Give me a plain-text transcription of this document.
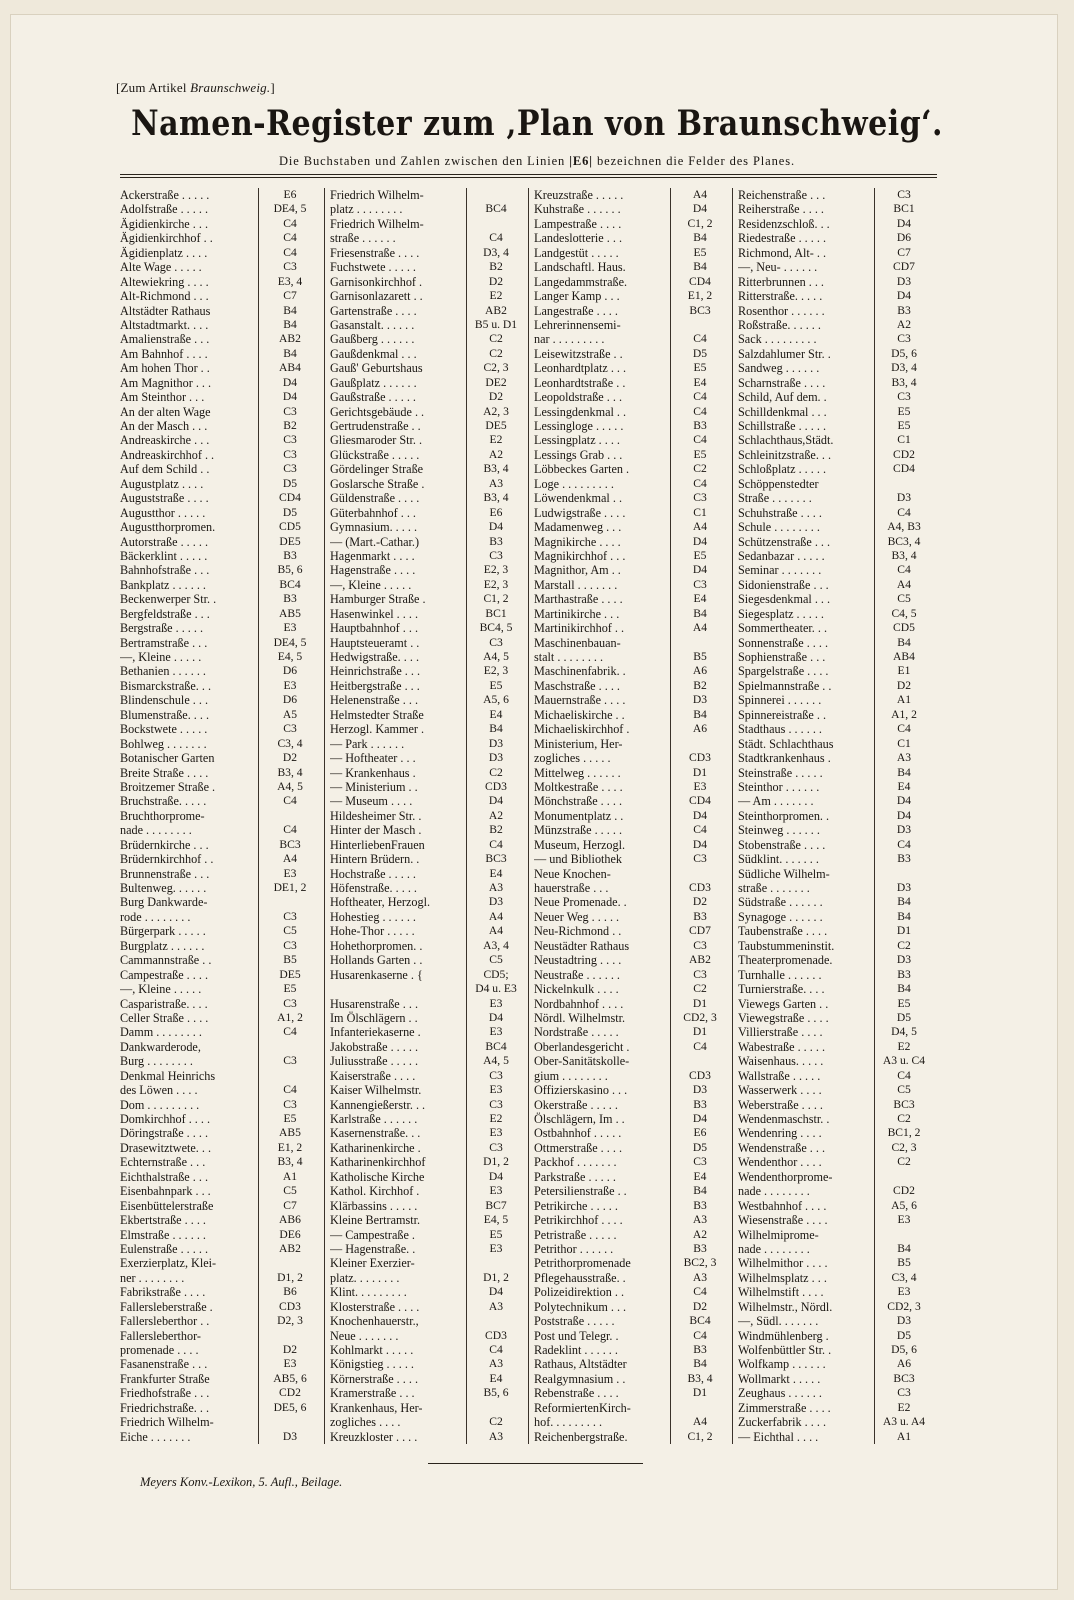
[Zum Artikel Braunschweig.]
Namen-Register zum ‚Plan von Braunschweig‘.
Die Buchstaben und Zahlen zwischen den Linien |E6| bezeichnen die Felder des Planes.
Ackerstraße . . . . .	E6
Adolfstraße . . . . .	DE4, 5
Ägidienkirche . . .	C4
Ägidienkirchhof . .	C4
Ägidienplatz . . . .	C4
Alte Wage . . . . .	C3
Altewiekring . . . .	E3, 4
Alt-Richmond . . .	C7
Altstädter Rathaus	B4
Altstadtmarkt. . . .	B4
Amalienstraße . . .	AB2
Am Bahnhof . . . .	B4
Am hohen Thor . .	AB4
Am Magnithor . . .	D4
Am Steinthor . . .	D4
An der alten Wage	C3
An der Masch . . .	B2
Andreaskirche . . .	C3
Andreaskirchhof . .	C3
Auf dem Schild . .	C3
Augustplatz . . . .	D5
Auguststraße . . . .	CD4
Augustthor . . . . .	D5
Augustthorpromen.	CD5
Autorstraße . . . . .	DE5
Bäckerklint . . . . .	B3
Bahnhofstraße . . .	B5, 6
Bankplatz . . . . . .	BC4
Beckenwerper Str. .	B3
Bergfeldstraße . . .	AB5
Bergstraße . . . . .	E3
Bertramstraße . . .	DE4, 5
—, Kleine . . . . .	E4, 5
Bethanien . . . . . .	D6
Bismarckstraße. . .	E3
Blindenschule . . .	D6
Blumenstraße. . . .	A5
Bockstwete . . . . .	C3
Bohlweg . . . . . . .	C3, 4
Botanischer Garten	D2
Breite Straße . . . .	B3, 4
Broitzemer Straße .	A4, 5
Bruchstraße. . . . .	C4
Bruchthorprome-
nade . . . . . . . .	C4
Brüdernkirche . . .	BC3
Brüdernkirchhof . .	A4
Brunnenstraße . . .	E3
Bultenweg. . . . . .	DE1, 2
Burg Dankwarde-
rode . . . . . . . .	C3
Bürgerpark . . . . .	C5
Burgplatz . . . . . .	C3
Cammannstraße . .	B5
Campestraße . . . .	DE5
—, Kleine . . . . .	E5
Casparistraße. . . .	C3
Celler Straße . . . .	A1, 2
Damm . . . . . . . .	C4
Dankwarderode,
Burg . . . . . . . .	C3
Denkmal Heinrichs
des Löwen . . . .	C4
Dom . . . . . . . . .	C3
Domkirchhof . . . .	E5
Döringstraße . . . .	AB5
Drasewitztwete. . .	E1, 2
Echternstraße . . .	B3, 4
Eichthalstraße . . .	A1
Eisenbahnpark . . .	C5
Eisenbüttelerstraße	C7
Ekbertstraße . . . .	AB6
Elmstraße . . . . . .	DE6
Eulenstraße . . . . .	AB2
Exerzierplatz, Klei-
ner . . . . . . . .	D1, 2
Fabrikstraße . . . .	B6
Fallersleberstraße .	CD3
Fallersleberthor . .	D2, 3
Fallersleberthor-
promenade . . . .	D2
Fasanenstraße . . .	E3
Frankfurter Straße	AB5, 6
Friedhofstraße . . .	CD2
Friedrichstraße. . .	DE5, 6
Friedrich Wilhelm-
Eiche . . . . . . .	D3
Friedrich Wilhelm-
platz . . . . . . . .	BC4
Friedrich Wilhelm-
straße . . . . . .	C4
Friesenstraße . . . .	D3, 4
Fuchstwete . . . . .	B2
Garnisonkirchhof .	D2
Garnisonlazarett . .	E2
Gartenstraße . . . .	AB2
Gasanstalt. . . . . .	B5 u. D1
Gaußberg . . . . . .	C2
Gaußdenkmal . . .	C2
Gauß' Geburtshaus	C2, 3
Gaußplatz . . . . . .	DE2
Gaußstraße . . . . .	D2
Gerichtsgebäude . .	A2, 3
Gertrudenstraße . .	DE5
Gliesmaroder Str. .	E2
Glückstraße . . . . .	A2
Gördelinger Straße	B3, 4
Goslarsche Straße .	A3
Güldenstraße . . . .	B3, 4
Güterbahnhof . . .	E6
Gymnasium. . . . .	D4
— (Mart.-Cathar.)	B3
Hagenmarkt . . . .	C3
Hagenstraße . . . .	E2, 3
—, Kleine . . . . .	E2, 3
Hamburger Straße .	C1, 2
Hasenwinkel . . . .	BC1
Hauptbahnhof . . .	BC4, 5
Hauptsteueramt . .	C3
Hedwigstraße. . . .	A4, 5
Heinrichstraße . . .	E2, 3
Heitbergstraße . . .	E5
Helenenstraße . . .	A5, 6
Helmstedter Straße	E4
Herzogl. Kammer .	B4
— Park . . . . . .	D3
— Hoftheater . . .	D3
— Krankenhaus .	C2
— Ministerium . .	CD3
— Museum . . . .	D4
Hildesheimer Str. .	A2
Hinter der Masch .	B2
HinterliebenFrauen	C4
Hintern Brüdern. .	BC3
Hochstraße . . . . .	E4
Höfenstraße. . . . .	A3
Hoftheater, Herzogl.	D3
Hohestieg . . . . . .	A4
Hohe-Thor . . . . .	A4
Hohethorpromen. .	A3, 4
Hollands Garten . .	C5
Husarenkaserne . {	CD5;
D4 u. E3
Husarenstraße . . .	E3
Im Ölschlägern . .	D4
Infanteriekaserne .	E3
Jakobstraße . . . . .	BC4
Juliusstraße . . . . .	A4, 5
Kaiserstraße . . . .	C3
Kaiser Wilhelmstr.	E3
Kannengießerstr. . .	C3
Karlstraße . . . . . .	E2
Kasernenstraße. . .	E3
Katharinenkirche .	C3
Katharinenkirchhof	D1, 2
Katholische Kirche	D4
Kathol. Kirchhof .	E3
Klärbassins . . . . .	BC7
Kleine Bertramstr.	E4, 5
— Campestraße .	E5
— Hagenstraße. .	E3
Kleiner Exerzier-
platz. . . . . . . .	D1, 2
Klint. . . . . . . . .	D4
Klosterstraße . . . .	A3
Knochenhauerstr.,
Neue . . . . . . .	CD3
Kohlmarkt . . . . .	C4
Königstieg . . . . .	A3
Körnerstraße . . . .	E4
Kramerstraße . . .	B5, 6
Krankenhaus, Her-
zogliches . . . .	C2
Kreuzkloster . . . .	A3
Kreuzstraße . . . . .	A4
Kuhstraße . . . . . .	D4
Lampestraße . . . .	C1, 2
Landeslotterie . . .	B4
Landgestüt . . . . .	E5
Landschaftl. Haus.	B4
Langedammstraße.	CD4
Langer Kamp . . .	E1, 2
Langestraße . . . .	BC3
Lehrerinnensemi-
nar . . . . . . . . .	C4
Leisewitzstraße . .	D5
Leonhardtplatz . . .	E5
Leonhardtstraße . .	E4
Leopoldstraße . . .	C4
Lessingdenkmal . .	C4
Lessingloge . . . . .	B3
Lessingplatz . . . .	C4
Lessings Grab . . .	E5
Löbbeckes Garten .	C2
Loge . . . . . . . . .	C4
Löwendenkmal . .	C3
Ludwigstraße . . . .	C1
Madamenweg . . .	A4
Magnikirche . . . .	D4
Magnikirchhof . . .	E5
Magnithor, Am . .	D4
Marstall . . . . . . .	C3
Marthastraße . . . .	E4
Martinikirche . . .	B4
Martinikirchhof . .	A4
Maschinenbauan-
stalt . . . . . . . .	B5
Maschinenfabrik. .	A6
Maschstraße . . . .	B2
Mauernstraße . . . .	D3
Michaeliskirche . .	B4
Michaeliskirchhof .	A6
Ministerium, Her-
zogliches . . . . .	CD3
Mittelweg . . . . . .	D1
Moltkestraße . . . .	E3
Mönchstraße . . . .	CD4
Monumentplatz . .	D4
Münzstraße . . . . .	C4
Museum, Herzogl.	D4
— und Bibliothek	C3
Neue Knochen-
hauerstraße . . .	CD3
Neue Promenade. .	D2
Neuer Weg . . . . .	B3
Neu-Richmond . .	CD7
Neustädter Rathaus	C3
Neustadtring . . . .	AB2
Neustraße . . . . . .	C3
Nickelnkulk . . . .	C2
Nordbahnhof . . . .	D1
Nördl. Wilhelmstr.	CD2, 3
Nordstraße . . . . .	D1
Oberlandesgericht .	C4
Ober-Sanitätskolle-
gium . . . . . . . .	CD3
Offizierskasino . . .	D3
Okerstraße . . . . .	B3
Ölschlägern, Im . .	D4
Ostbahnhof . . . . .	E6
Ottmerstraße . . . .	D5
Packhof . . . . . . .	C3
Parkstraße . . . . .	E4
Petersilienstraße . .	B4
Petrikirche . . . . .	B3
Petrikirchhof . . . .	A3
Petristraße . . . . .	A2
Petrithor . . . . . .	B3
Petrithorpromenade	BC2, 3
Pflegehausstraße. .	A3
Polizeidirektion . .	C4
Polytechnikum . . .	D2
Poststraße . . . . .	BC4
Post und Telegr. .	C4
Radeklint . . . . . .	B3
Rathaus, Altstädter	B4
Realgymnasium . .	B3, 4
Rebenstraße . . . .	D1
ReformiertenKirch-
hof. . . . . . . . .	A4
Reichenbergstraße.	C1, 2
Reichenstraße . . .	C3
Reiherstraße . . . .	BC1
Residenzschloß. . .	D4
Riedestraße . . . . .	D6
Richmond, Alt- . .	C7
—, Neu- . . . . . .	CD7
Ritterbrunnen . . .	D3
Ritterstraße. . . . .	D4
Rosenthor . . . . . .	B3
Roßstraße. . . . . .	A2
Sack . . . . . . . . .	C3
Salzdahlumer Str. .	D5, 6
Sandweg . . . . . .	D3, 4
Scharnstraße . . . .	B3, 4
Schild, Auf dem. .	C3
Schilldenkmal . . .	E5
Schillstraße . . . . .	E5
Schlachthaus,Städt.	C1
Schleinitzstraße. . .	CD2
Schloßplatz . . . . .	CD4
Schöppenstedter
Straße . . . . . . .	D3
Schuhstraße . . . .	C4
Schule . . . . . . . .	A4, B3
Schützenstraße . . .	BC3, 4
Sedanbazar . . . . .	B3, 4
Seminar . . . . . . .	C4
Sidonienstraße . . .	A4
Siegesdenkmal . . .	C5
Siegesplatz . . . . .	C4, 5
Sommertheater. . .	CD5
Sonnenstraße . . . .	B4
Sophienstraße . . .	AB4
Spargelstraße . . . .	E1
Spielmannstraße . .	D2
Spinnerei . . . . . .	A1
Spinnereistraße . .	A1, 2
Stadthaus . . . . . .	C4
Städt. Schlachthaus	C1
Stadtkrankenhaus .	A3
Steinstraße . . . . .	B4
Steinthor . . . . . .	E4
— Am . . . . . . .	D4
Steinthorpromen. .	D4
Steinweg . . . . . .	D3
Stobenstraße . . . .	C4
Südklint. . . . . . .	B3
Südliche Wilhelm-
straße . . . . . . .	D3
Südstraße . . . . . .	B4
Synagoge . . . . . .	B4
Taubenstraße . . . .	D1
Taubstummeninstit.	C2
Theaterpromenade.	D3
Turnhalle . . . . . .	B3
Turnierstraße. . . .	B4
Viewegs Garten . .	E5
Viewegstraße . . . .	D5
Villierstraße . . . .	D4, 5
Wabestraße . . . . .	E2
Waisenhaus. . . . .	A3 u. C4
Wallstraße . . . . .	C4
Wasserwerk . . . .	C5
Weberstraße . . . .	BC3
Wendenmaschstr. .	C2
Wendenring . . . .	BC1, 2
Wendenstraße . . .	C2, 3
Wendenthor . . . .	C2
Wendenthorprome-
nade . . . . . . . .	CD2
Westbahnhof . . . .	A5, 6
Wiesenstraße . . . .	E3
Wilhelmiprome-
nade . . . . . . . .	B4
Wilhelmithor . . . .	B5
Wilhelmsplatz . . .	C3, 4
Wilhelmstift . . . .	E3
Wilhelmstr., Nördl.	CD2, 3
—, Südl. . . . . . .	D3
Windmühlenberg .	D5
Wolfenbüttler Str. .	D5, 6
Wolfkamp . . . . . .	A6
Wollmarkt . . . . .	BC3
Zeughaus . . . . . .	C3
Zimmerstraße . . . .	E2
Zuckerfabrik . . . .	A3 u. A4
— Eichthal . . . .	A1
Meyers Konv.-Lexikon, 5. Aufl., Beilage.
